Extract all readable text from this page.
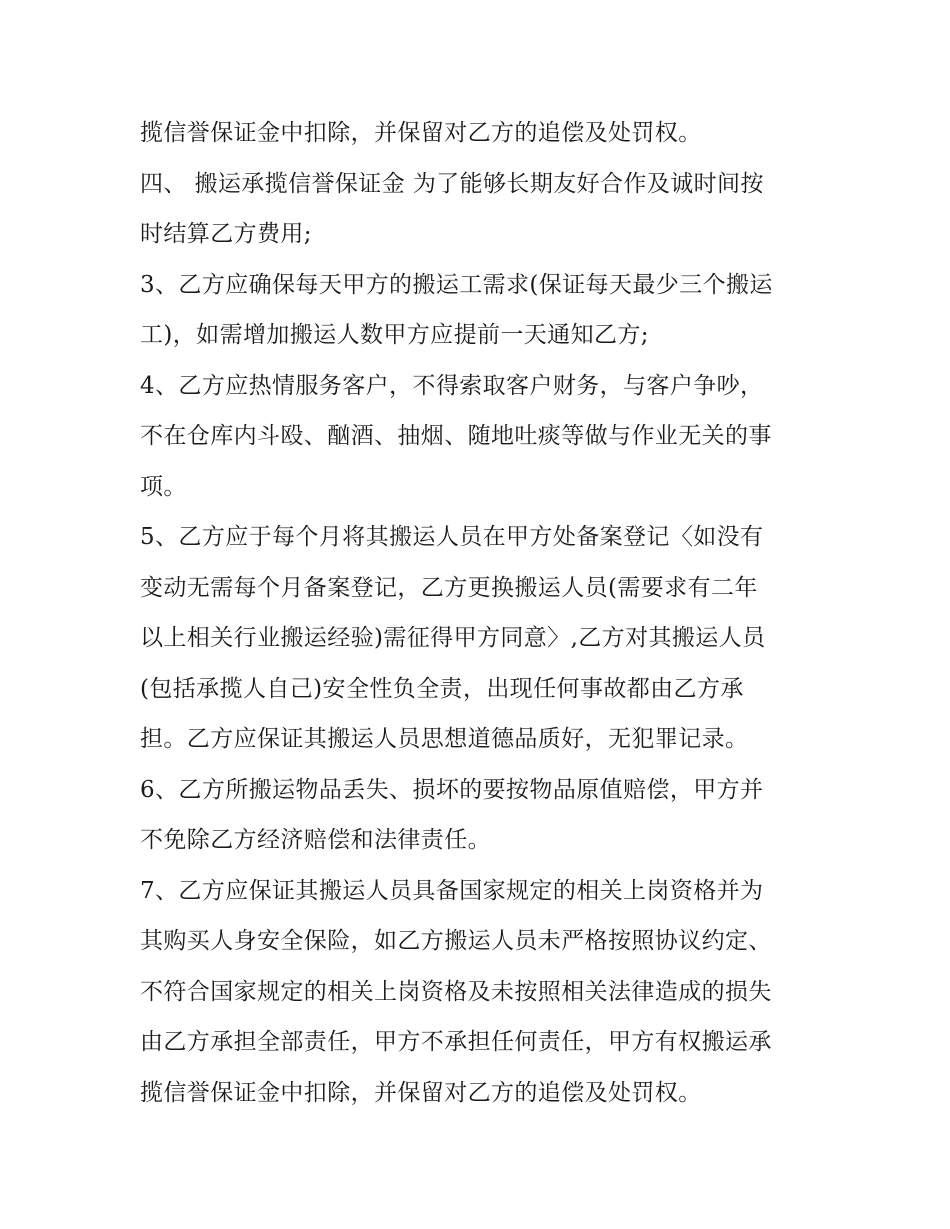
揽信誉保证金中扣除，并保留对乙方的追偿及处罚权。
四、 搬运承揽信誉保证金 为了能够长期友好合作及诚时间按
时结算乙方费用;
3、乙方应确保每天甲方的搬运工需求(保证每天最少三个搬运
工)，如需增加搬运人数甲方应提前一天通知乙方;
4、乙方应热情服务客户，不得索取客户财务，与客户争吵，
不在仓库内斗殴、酗酒、抽烟、随地吐痰等做与作业无关的事
项。
5、乙方应于每个月将其搬运人员在甲方处备案登记〈如没有
变动无需每个月备案登记，乙方更换搬运人员(需要求有二年
以上相关行业搬运经验)需征得甲方同意〉,乙方对其搬运人员
(包括承揽人自己)安全性负全责，出现任何事故都由乙方承
担。乙方应保证其搬运人员思想道德品质好，无犯罪记录。
6、乙方所搬运物品丢失、损坏的要按物品原值赔偿，甲方并
不免除乙方经济赔偿和法律责任。
7、乙方应保证其搬运人员具备国家规定的相关上岗资格并为
其购买人身安全保险，如乙方搬运人员未严格按照协议约定、
不符合国家规定的相关上岗资格及未按照相关法律造成的损失
由乙方承担全部责任，甲方不承担任何责任，甲方有权搬运承
揽信誉保证金中扣除，并保留对乙方的追偿及处罚权。
